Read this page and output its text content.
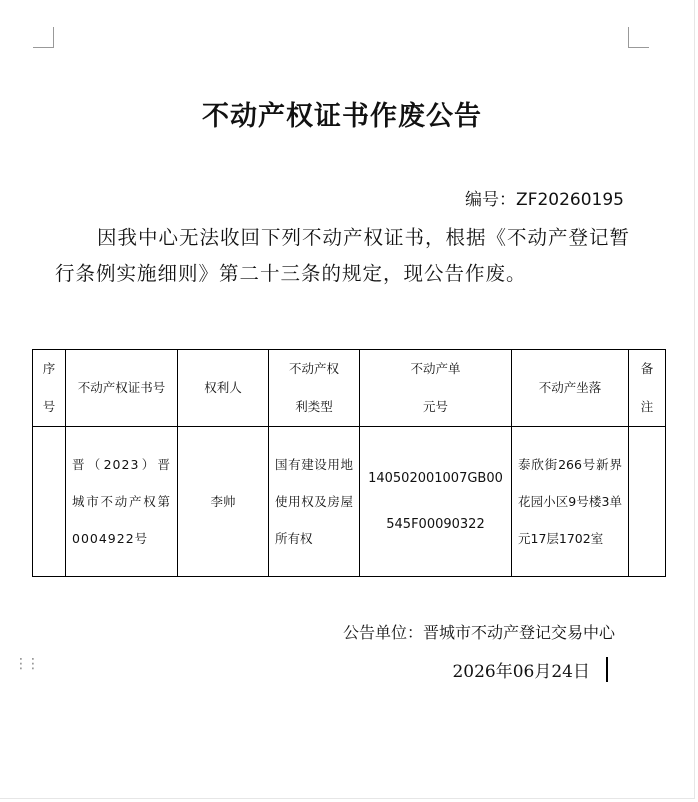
不动产权证书作废公告
编号：ZF20260195
因我中心无法收回下列不动产权证书，根据《不动产登记暂行条例实施细则》第二十三条的规定，现公告作废。
序号	不动产权证书号	权利人	不动产权利类型	不动产单元号	不动产坐落	备注
	晋（2023）晋城市不动产权第0004922号	李帅	国有建设用地使用权及房屋所有权	140502001007GB00545F00090322	泰欣街266号新界花园小区9号楼3单元17层1702室	
公告单位：晋城市不动产登记交易中心
2026年06月24日
⋮⋮
